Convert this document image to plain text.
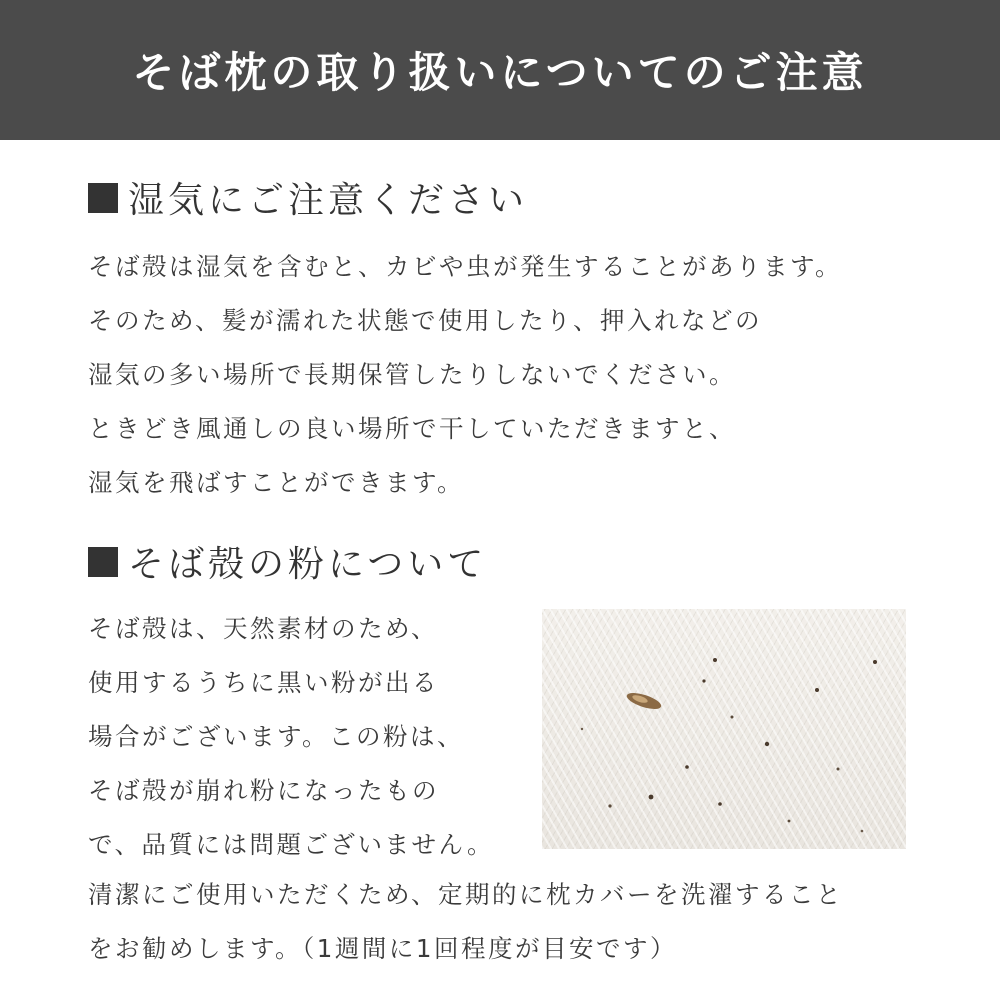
そば枕の取り扱いについてのご注意
湿気にご注意ください
そば殻は湿気を含むと、カビや虫が発生することがあります。
そのため、髪が濡れた状態で使用したり、押入れなどの
湿気の多い場所で長期保管したりしないでください。
ときどき風通しの良い場所で干していただきますと、
湿気を飛ばすことができます。
そば殻の粉について
そば殻は、天然素材のため、
使用するうちに黒い粉が出る
場合がございます。この粉は、
そば殻が崩れ粉になったもの
で、品質には問題ございません。
清潔にご使用いただくため、定期的に枕カバーを洗濯すること
をお勧めします。（1週間に1回程度が目安です）
